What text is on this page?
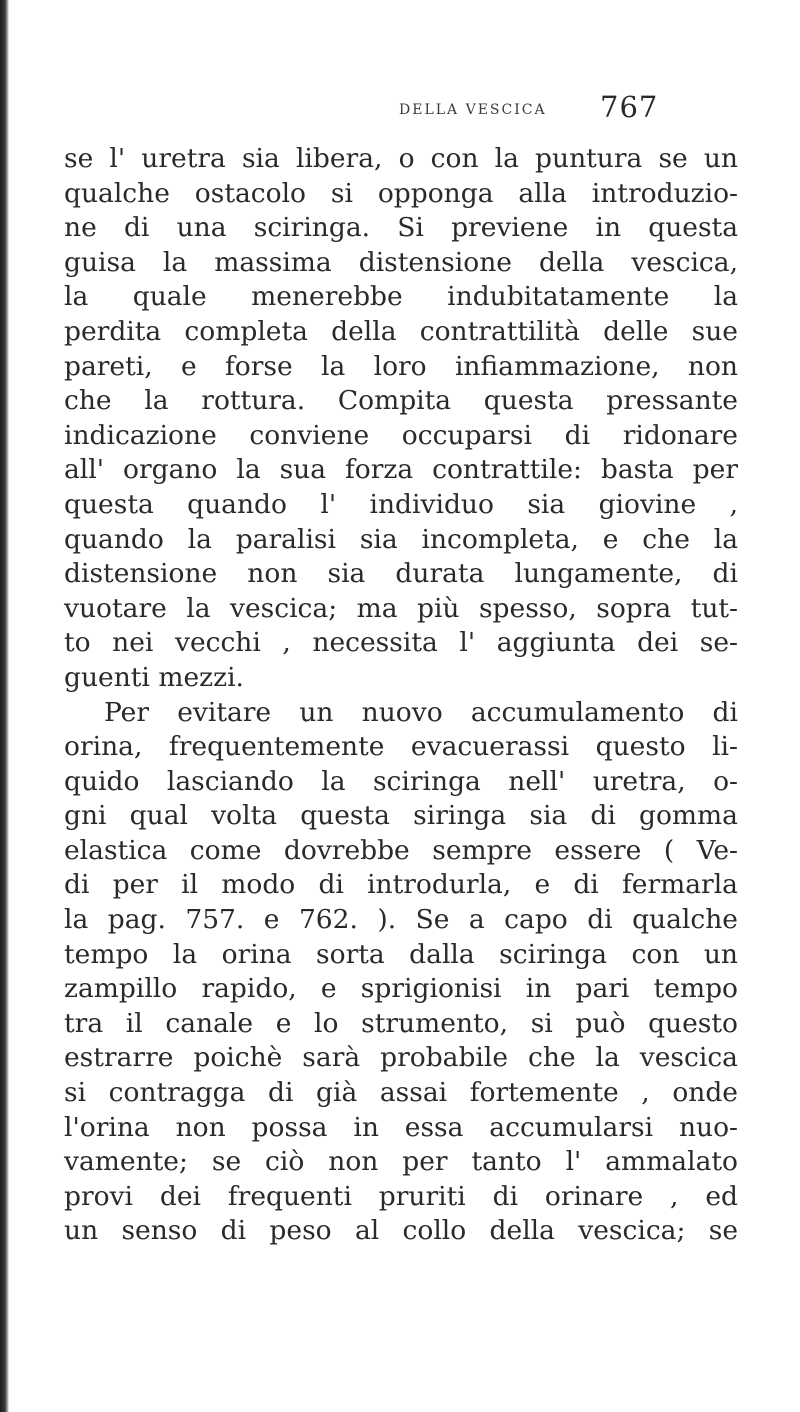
DELLA VESCICA 767
se l' uretra sia libera, o con la puntura se un
qualche ostacolo si opponga alla introduzio-
ne di una sciringa. Si previene in questa
guisa la massima distensione della vescica,
la quale menerebbe indubitatamente la
perdita completa della contrattilità delle sue
pareti, e forse la loro infiammazione, non
che la rottura. Compita questa pressante
indicazione conviene occuparsi di ridonare
all' organo la sua forza contrattile: basta per
questa quando l' individuo sia giovine ,
quando la paralisi sia incompleta, e che la
distensione non sia durata lungamente, di
vuotare la vescica; ma più spesso, sopra tut-
to nei vecchi , necessita l' aggiunta dei se-
guenti mezzi.
Per evitare un nuovo accumulamento di
orina, frequentemente evacuerassi questo li-
quido lasciando la sciringa nell' uretra, o-
gni qual volta questa siringa sia di gomma
elastica come dovrebbe sempre essere ( Ve-
di per il modo di introdurla, e di fermarla
la pag. 757. e 762. ). Se a capo di qualche
tempo la orina sorta dalla sciringa con un
zampillo rapido, e sprigionisi in pari tempo
tra il canale e lo strumento, si può questo
estrarre poichè sarà probabile che la vescica
si contragga di già assai fortemente , onde
l'orina non possa in essa accumularsi nuo-
vamente; se ciò non per tanto l' ammalato
provi dei frequenti pruriti di orinare , ed
un senso di peso al collo della vescica; se
